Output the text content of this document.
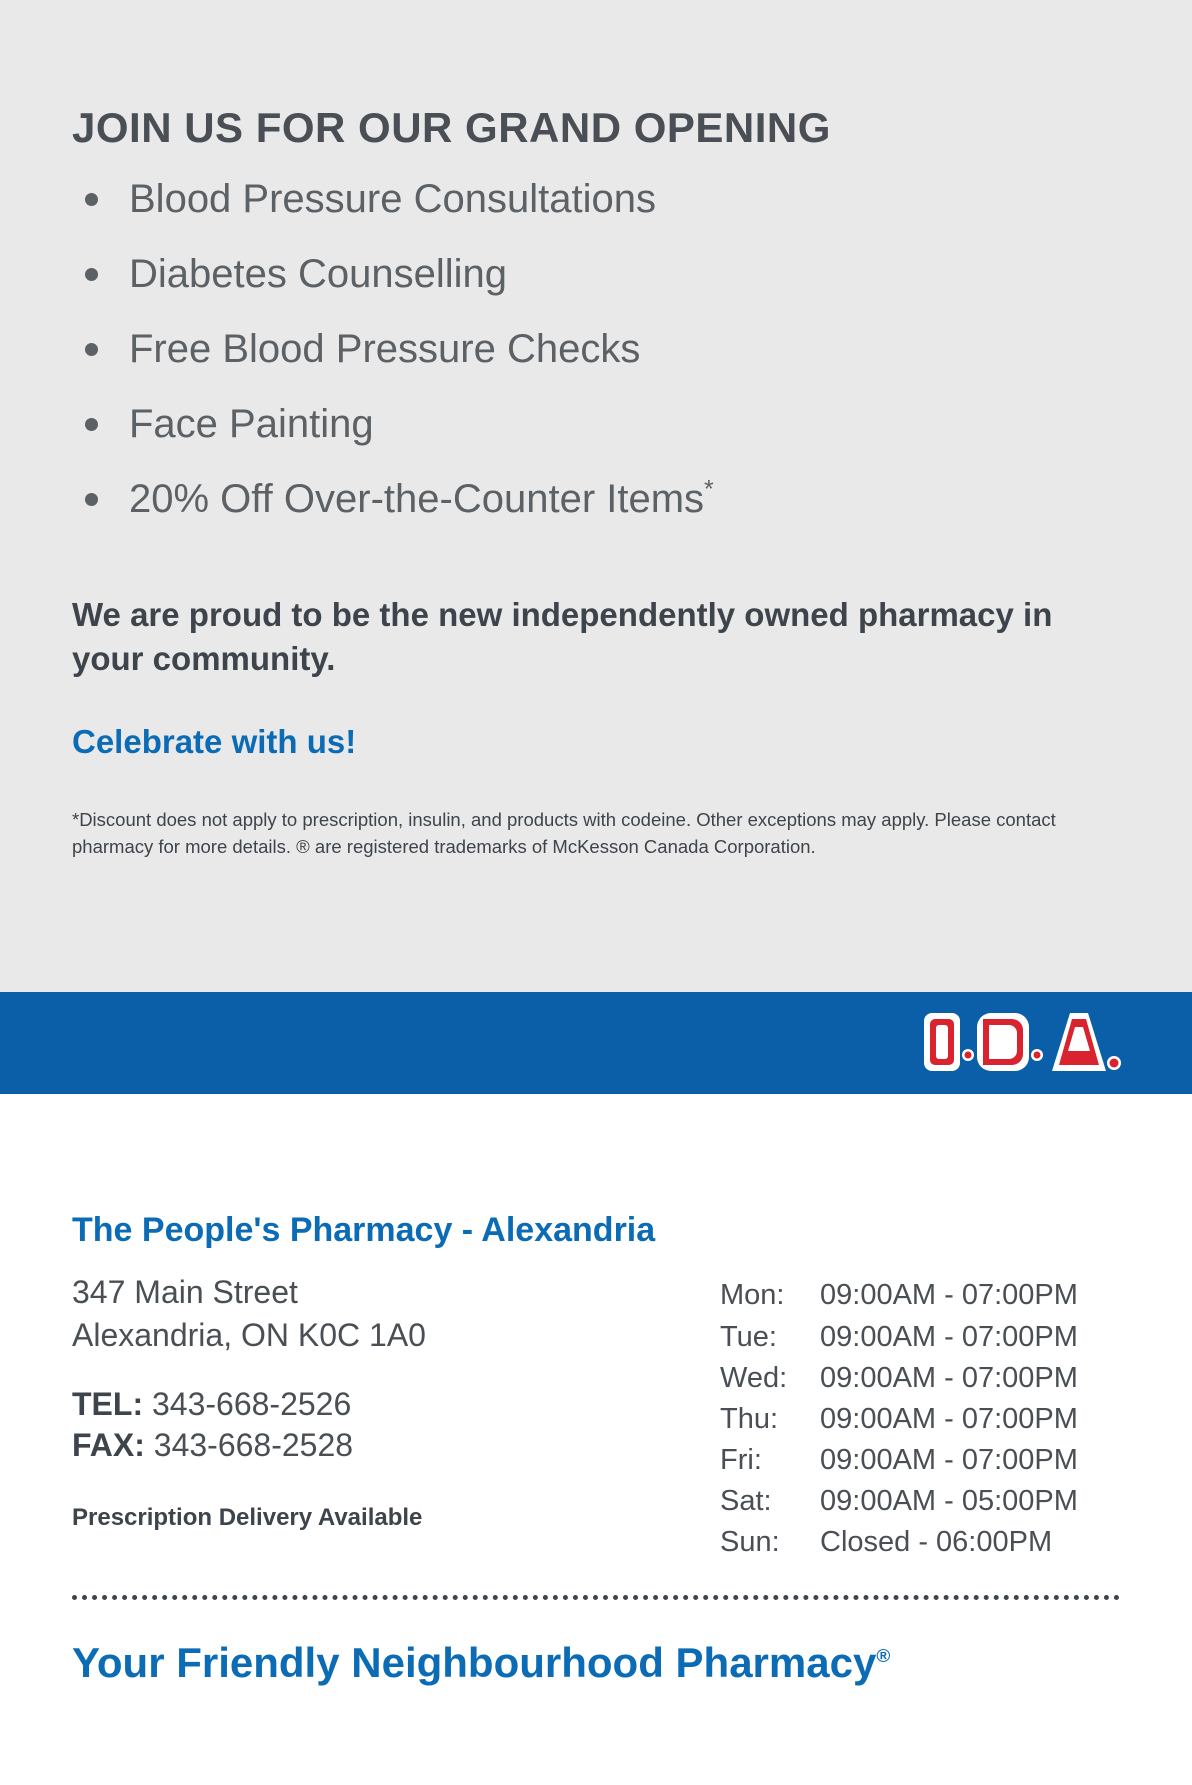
JOIN US FOR OUR GRAND OPENING
Blood Pressure Consultations
Diabetes Counselling
Free Blood Pressure Checks
Face Painting
20% Off Over-the-Counter Items*
We are proud to be the new independently owned pharmacy in your community.
Celebrate with us!
*Discount does not apply to prescription, insulin, and products with codeine. Other exceptions may apply. Please contact pharmacy for more details. ® are registered trademarks of McKesson Canada Corporation.
The People's Pharmacy - Alexandria
347 Main Street
Alexandria, ON K0C 1A0
TEL: 343-668-2526
FAX: 343-668-2528
Prescription Delivery Available
Mon: 09:00AM - 07:00PM
Tue: 09:00AM - 07:00PM
Wed: 09:00AM - 07:00PM
Thu: 09:00AM - 07:00PM
Fri: 09:00AM - 07:00PM
Sat: 09:00AM - 05:00PM
Sun: Closed - 06:00PM
Your Friendly Neighbourhood Pharmacy®
